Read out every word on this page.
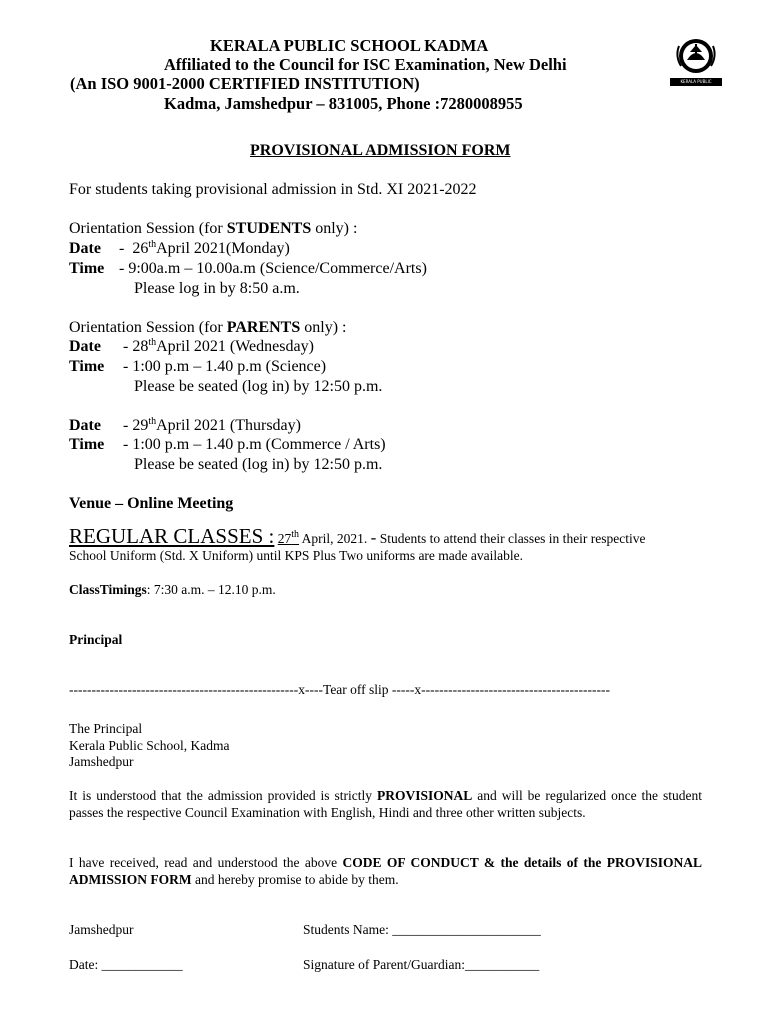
KERALA PUBLIC SCHOOL KADMA
Affiliated to the Council for ISC Examination, New Delhi
(An ISO 9001-2000 CERTIFIED INSTITUTION)
Kadma, Jamshedpur – 831005, Phone :7280008955
KERALA PUBLIC SCHOOLS
PROVISIONAL ADMISSION FORM
For students taking provisional admission in Std. XI 2021-2022
Orientation Session (for STUDENTS only) :
Date - 26thApril 2021(Monday)
Time - 9:00a.m – 10.00a.m (Science/Commerce/Arts)
Please log in by 8:50 a.m.
Orientation Session (for PARENTS only) :
Date - 28thApril 2021 (Wednesday)
Time - 1:00 p.m – 1.40 p.m (Science)
Please be seated (log in) by 12:50 p.m.
Date - 29thApril 2021 (Thursday)
Time - 1:00 p.m – 1.40 p.m (Commerce / Arts)
Please be seated (log in) by 12:50 p.m.
Venue – Online Meeting
REGULAR CLASSES : 27th April, 2021. - Students to attend their classes in their respective
School Uniform (Std. X Uniform) until KPS Plus Two uniforms are made available.
ClassTimings: 7:30 a.m. – 12.10 p.m.
Principal
---------------------------------------------------x----Tear off slip -----x------------------------------------------
The Principal
Kerala Public School, Kadma
Jamshedpur
It is understood that the admission provided is strictly PROVISIONAL and will be regularized once the student passes the respective Council Examination with English, Hindi and three other written subjects.
I have received, read and understood the above CODE OF CONDUCT & the details of the PROVISIONAL ADMISSION FORM and hereby promise to abide by them.
Jamshedpur	Students Name: ______________________
Date: ____________	Signature of Parent/Guardian:___________
